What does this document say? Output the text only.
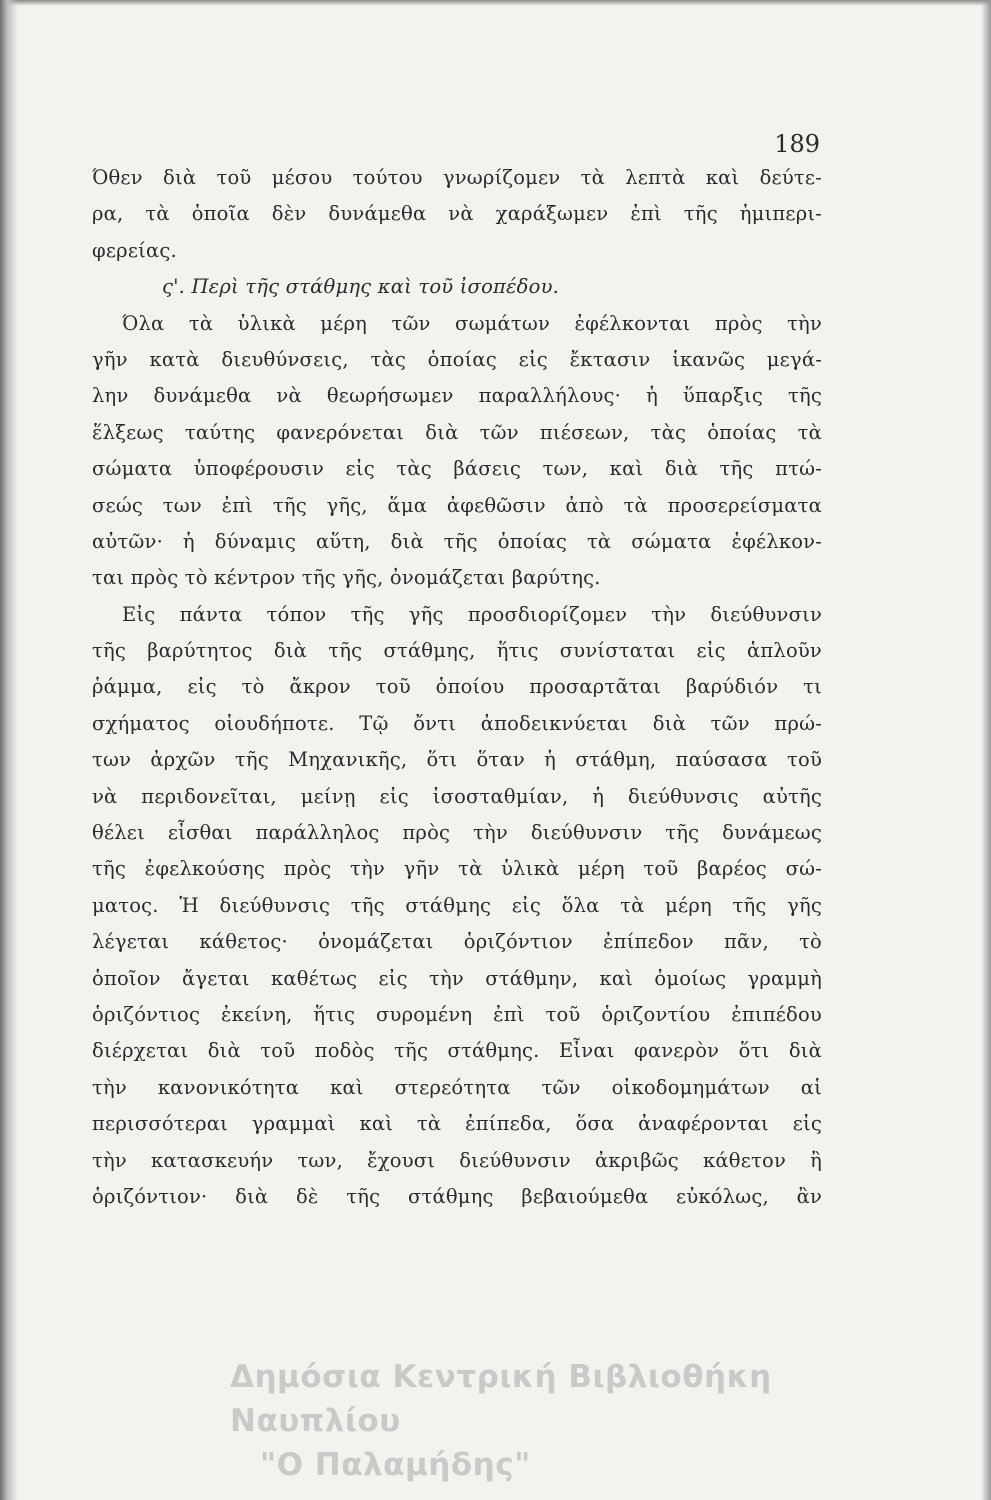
189
Όθεν διὰ τοῦ μέσου τούτου γνωρίζομεν τὰ λεπτὰ καὶ δεύτε-
ρα, τὰ ὁποῖα δὲν δυνάμεθα νὰ χαράξωμεν ἐπὶ τῆς ἡμιπερι-
φερείας.
ς'. Περὶ τῆς στάθμης καὶ τοῦ ἰσοπέδου.
Όλα τὰ ὑλικὰ μέρη τῶν σωμάτων ἐφέλκονται πρὸς τὴν
γῆν κατὰ διευθύνσεις, τὰς ὁποίας εἰς ἔκτασιν ἱκανῶς μεγά-
λην δυνάμεθα νὰ θεωρήσωμεν παραλλήλους· ἡ ὕπαρξις τῆς
ἕλξεως ταύτης φανερόνεται διὰ τῶν πιέσεων, τὰς ὁποίας τὰ
σώματα ὑποφέρουσιν εἰς τὰς βάσεις των, καὶ διὰ τῆς πτώ-
σεώς των ἐπὶ τῆς γῆς, ἅμα ἀφεθῶσιν ἀπὸ τὰ προσερείσματα
αὐτῶν· ἡ δύναμις αὕτη, διὰ τῆς ὁποίας τὰ σώματα ἐφέλκον-
ται πρὸς τὸ κέντρον τῆς γῆς, ὀνομάζεται βαρύτης.
Εἰς πάντα τόπον τῆς γῆς προσδιορίζομεν τὴν διεύθυνσιν
τῆς βαρύτητος διὰ τῆς στάθμης, ἥτις συνίσταται εἰς ἁπλοῦν
ῥάμμα, εἰς τὸ ἄκρον τοῦ ὁποίου προσαρτᾶται βαρύδιόν τι
σχήματος οἱουδήποτε. Τῷ ὄντι ἀποδεικνύεται διὰ τῶν πρώ-
των ἀρχῶν τῆς Μηχανικῆς, ὅτι ὅταν ἡ στάθμη, παύσασα τοῦ
νὰ περιδονεῖται, μείνῃ εἰς ἰσοσταθμίαν, ἡ διεύθυνσις αὐτῆς
θέλει εἶσθαι παράλληλος πρὸς τὴν διεύθυνσιν τῆς δυνάμεως
τῆς ἐφελκούσης πρὸς τὴν γῆν τὰ ὑλικὰ μέρη τοῦ βαρέος σώ-
ματος. Ἡ διεύθυνσις τῆς στάθμης εἰς ὅλα τὰ μέρη τῆς γῆς
λέγεται κάθετος· ὀνομάζεται ὁριζόντιον ἐπίπεδον πᾶν, τὸ
ὁποῖον ἄγεται καθέτως εἰς τὴν στάθμην, καὶ ὁμοίως γραμμὴ
ὁριζόντιος ἐκείνη, ἥτις συρομένη ἐπὶ τοῦ ὁριζοντίου ἐπιπέδου
διέρχεται διὰ τοῦ ποδὸς τῆς στάθμης. Εἶναι φανερὸν ὅτι διὰ
τὴν κανονικότητα καὶ στερεότητα τῶν οἰκοδομημάτων αἱ
περισσότεραι γραμμαὶ καὶ τὰ ἐπίπεδα, ὅσα ἀναφέρονται εἰς
τὴν κατασκευήν των, ἔχουσι διεύθυνσιν ἀκριβῶς κάθετον ἢ
ὁριζόντιον· διὰ δὲ τῆς στάθμης βεβαιούμεθα εὐκόλως, ἂν
Δημόσια Κεντρική Βιβλιοθήκη Ναυπλίου
"Ο Παλαμήδης"
